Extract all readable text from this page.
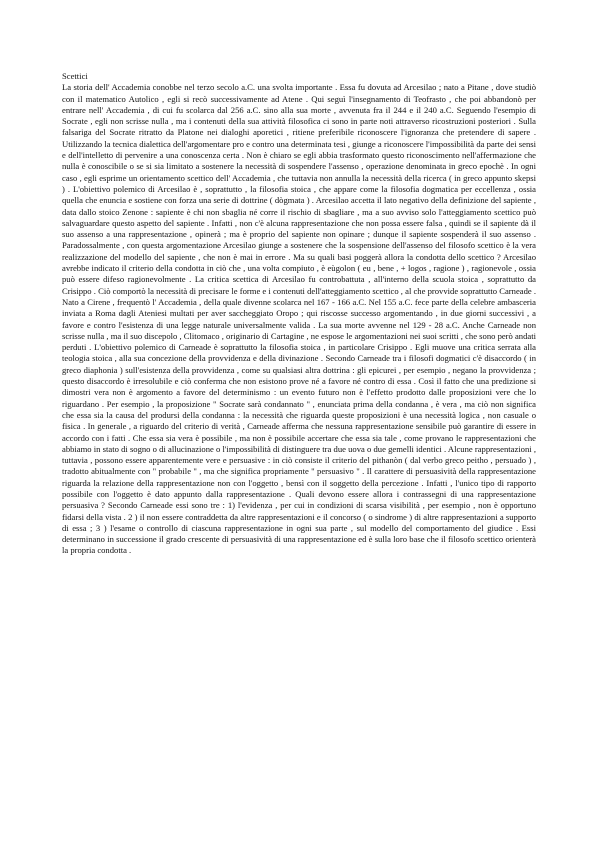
Scettici

La storia dell' Accademia conobbe nel terzo secolo a.C. una svolta importante . Essa fu dovuta ad Arcesilao ; nato a Pitane , dove studiò con il matematico Autolico , egli si recò successivamente ad Atene . Qui seguì l'insegnamento di Teofrasto , che poi abbandonò per entrare nell' Accademia , di cui fu scolarca dal 256 a.C. sino alla sua morte , avvenuta fra il 244 e il 240 a.C. Seguendo l'esempio di Socrate , egli non scrisse nulla , ma i contenuti della sua attività filosofica ci sono in parte noti attraverso ricostruzioni posteriori . Sulla falsariga del Socrate ritratto da Platone nei dialoghi aporetici , ritiene preferibile riconoscere l'ignoranza che pretendere di sapere . Utilizzando la tecnica dialettica dell'argomentare pro e contro una determinata tesi , giunge a riconoscere l'impossibilità da parte dei sensi e dell'intelletto di pervenire a una conoscenza certa . Non è chiaro se egli abbia trasformato questo riconoscimento nell'affermazione che nulla è conoscibile o se si sia limitato a sostenere la necessità di sospendere l'assenso , operazione denominata in greco epochè . In ogni caso , egli esprime un orientamento scettico dell' Accademia , che tuttavia non annulla la necessità della ricerca ( in greco appunto skepsi ) . L'obiettivo polemico di Arcesilao è , soprattutto , la filosofia stoica , che appare come la filosofia dogmatica per eccellenza , ossia quella che enuncia e sostiene con forza una serie di dottrine ( dògmata ) . Arcesilao accetta il lato negativo della definizione del sapiente , data dallo stoico Zenone : sapiente è chi non sbaglia né corre il rischio di sbagliare , ma a suo avviso solo l'atteggiamento scettico può salvaguardare questo aspetto del sapiente . Infatti , non c'è alcuna rappresentazione che non possa essere falsa , quindi se il sapiente dà il suo assenso a una rappresentazione , opinerà ; ma è proprio del sapiente non opinare ; dunque il sapiente sospenderà il suo assenso . Paradossalmente , con questa argomentazione Arcesilao giunge a sostenere che la sospensione dell'assenso del filosofo scettico è la vera realizzazione del modello del sapiente , che non è mai in errore . Ma su quali basi poggerà allora la condotta dello scettico ? Arcesilao avrebbe indicato il criterio della condotta in ciò che , una volta compiuto , è eùgolon ( eu , bene , + logos , ragione ) , ragionevole , ossia può essere difeso ragionevolmente . La critica scettica di Arcesilao fu controbattuta , all'interno della scuola stoica , soprattutto da Crisippo . Ciò comportò la necessità di precisare le forme e i contenuti dell'atteggiamento scettico , al che provvide soprattutto Carneade . Nato a Cirene , frequentò l' Accademia , della quale divenne scolarca nel 167 - 166 a.C. Nel 155 a.C. fece parte della celebre ambasceria inviata a Roma dagli Ateniesi multati per aver saccheggiato Oropo ; qui riscosse successo argomentando , in due giorni successivi , a favore e contro l'esistenza di una legge naturale universalmente valida . La sua morte avvenne nel 129 - 28 a.C. Anche Carneade non scrisse nulla , ma il suo discepolo , Clitomaco , originario di Cartagine , ne espose le argomentazioni nei suoi scritti , che sono però andati perduti . L'obiettivo polemico di Carneade è soprattutto la filosofia stoica , in particolare Crisippo . Egli muove una critica serrata alla teologia stoica , alla sua concezione della provvidenza e della divinazione . Secondo Carneade tra i filosofi dogmatici c'è disaccordo ( in greco diaphonia ) sull'esistenza della provvidenza , come su qualsiasi altra dottrina : gli epicurei , per esempio , negano la provvidenza ; questo disaccordo è irresolubile e ciò conferma che non esistono prove né a favore né contro di essa . Così il fatto che una predizione si dimostri vera non è argomento a favore del determinismo : un evento futuro non è l'effetto prodotto dalle proposizioni vere che lo riguardano . Per esempio , la proposizione " Socrate sarà condannato " , enunciata prima della condanna , è vera , ma ciò non significa che essa sia la causa del prodursi della condanna : la necessità che riguarda queste proposizioni è una necessità logica , non casuale o fisica . In generale , a riguardo del criterio di verità , Carneade afferma che nessuna rappresentazione sensibile può garantire di essere in accordo con i fatti . Che essa sia vera è possibile , ma non è possibile accertare che essa sia tale , come provano le rappresentazioni che abbiamo in stato di sogno o di allucinazione o l'impossibilità di distinguere tra due uova o due gemelli identici . Alcune rappresentazioni , tuttavia , possono essere apparentemente vere e persuasive : in ciò consiste il criterio del pithanòn ( dal verbo greco peitho , persuado ) , tradotto abitualmente con " probabile " , ma che significa propriamente " persuasivo " . Il carattere di persuasività della rappresentazione riguarda la relazione della rappresentazione non con l'oggetto , bensì con il soggetto della percezione . Infatti , l'unico tipo di rapporto possibile con l'oggetto è dato appunto dalla rappresentazione . Quali devono essere allora i contrassegni di una rappresentazione persuasiva ? Secondo Carneade essi sono tre : 1) l'evidenza , per cui in condizioni di scarsa visibilità , per esempio , non è opportuno fidarsi della vista . 2 ) il non essere contraddetta da altre rappresentazioni e il concorso ( o sindrome ) di altre rappresentazioni a supporto di essa ; 3 ) l'esame o controllo di ciascuna rappresentazione in ogni sua parte , sul modello del comportamento del giudice . Essi determinano in successione il grado crescente di persuasività di una rappresentazione ed è sulla loro base che il filosofo scettico orienterà la propria condotta .
